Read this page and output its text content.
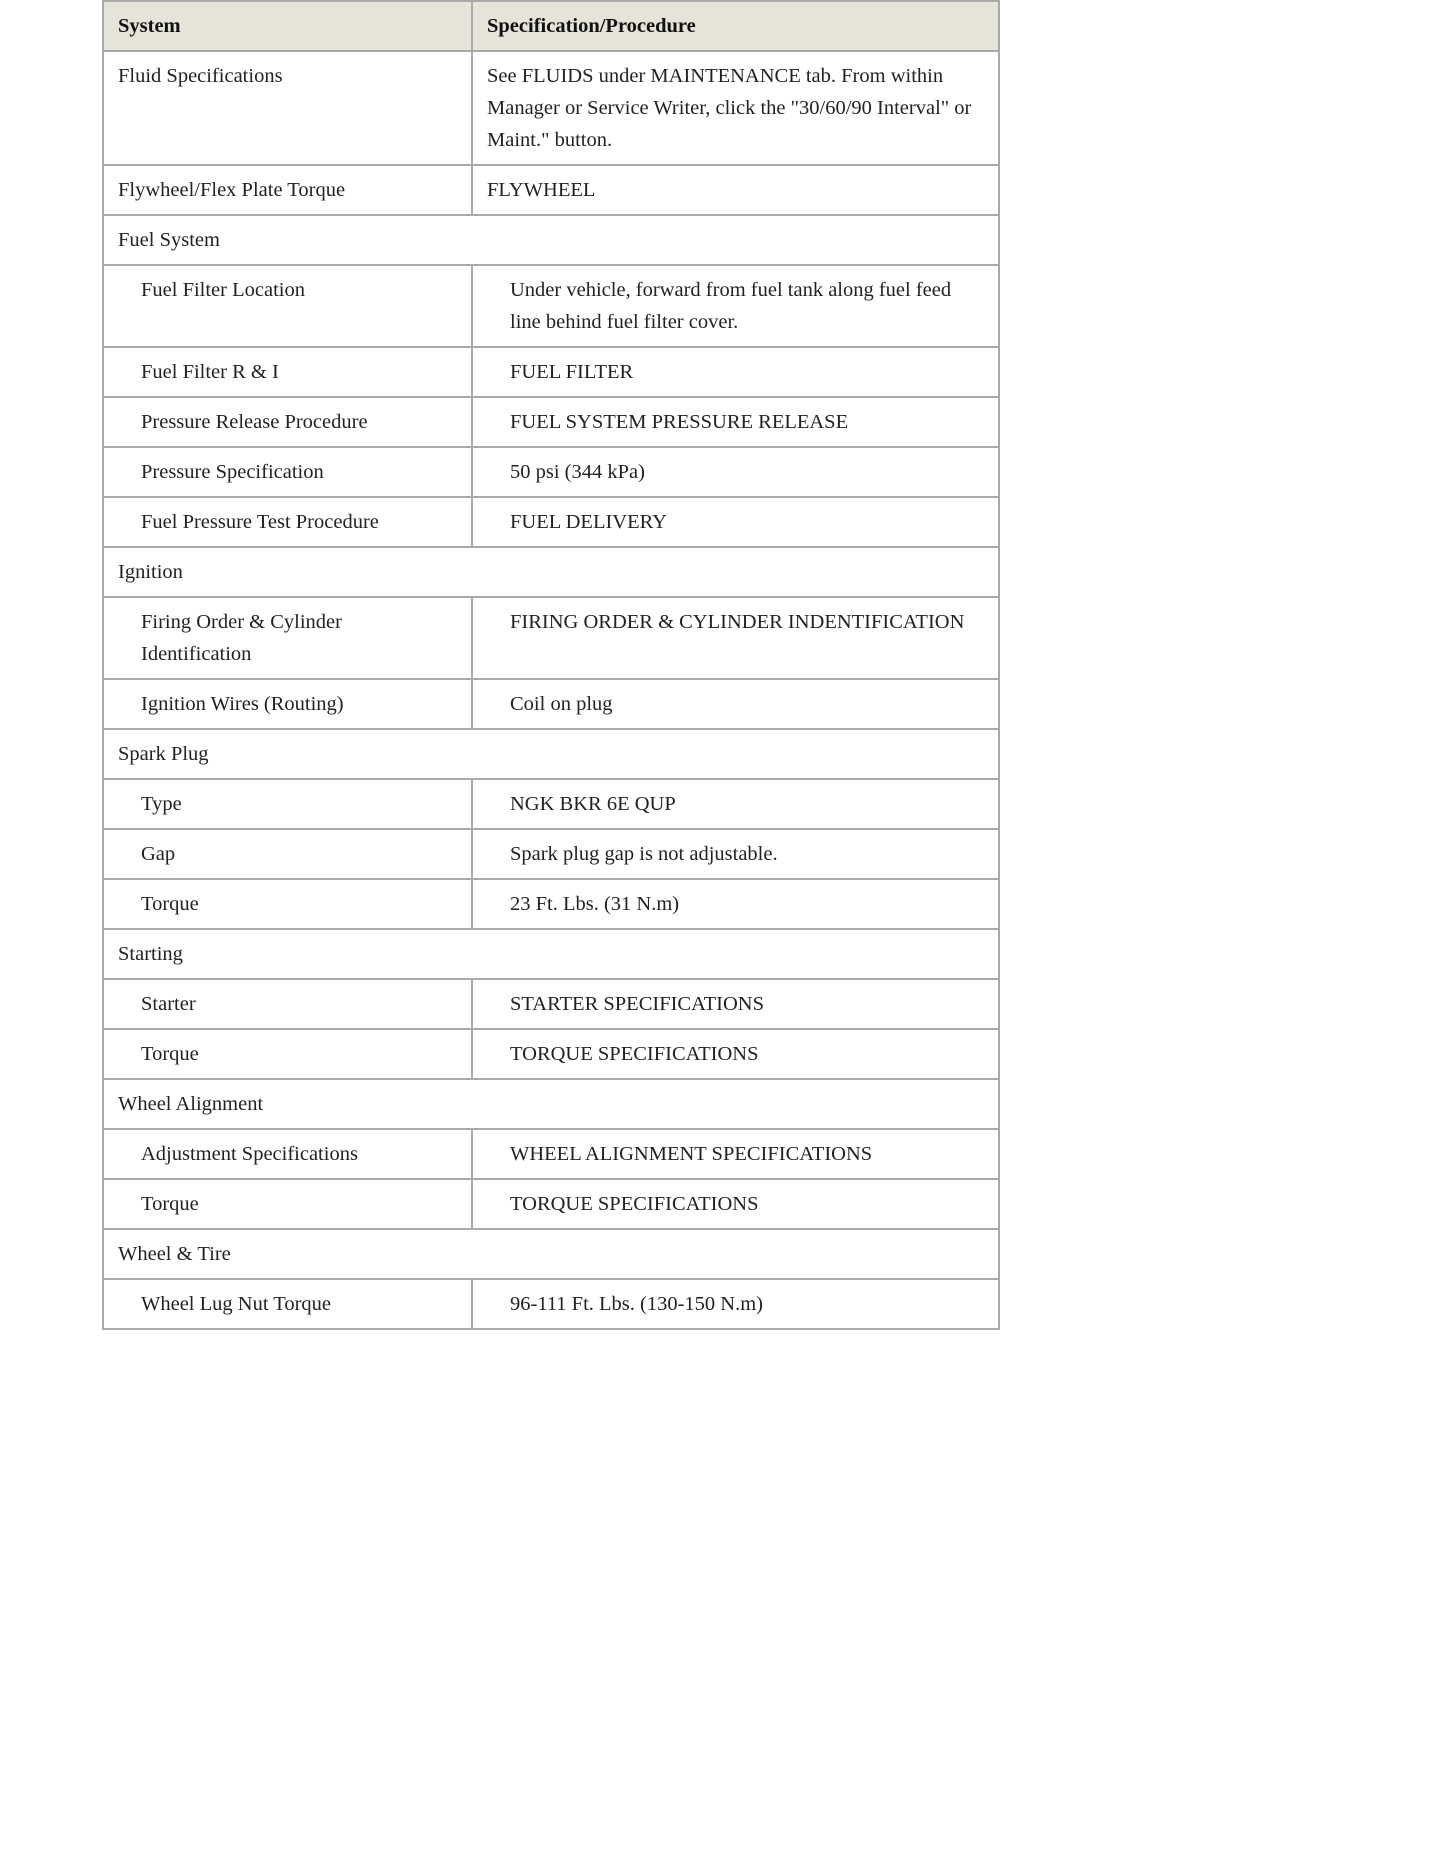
System	Specification/Procedure
Fluid Specifications	See FLUIDS under MAINTENANCE tab. From within Manager or Service Writer, click the "30/60/90 Interval" or Maint." button.
Flywheel/Flex Plate Torque	FLYWHEEL
Fuel System	
Fuel Filter Location	Under vehicle, forward from fuel tank along fuel feed line behind fuel filter cover.
Fuel Filter R & I	FUEL FILTER
Pressure Release Procedure	FUEL SYSTEM PRESSURE RELEASE
Pressure Specification	50 psi (344 kPa)
Fuel Pressure Test Procedure	FUEL DELIVERY
Ignition	
Firing Order & Cylinder Identification	FIRING ORDER & CYLINDER INDENTIFICATION
Ignition Wires (Routing)	Coil on plug
Spark Plug	
Type	NGK BKR 6E QUP
Gap	Spark plug gap is not adjustable.
Torque	23 Ft. Lbs. (31 N.m)
Starting	
Starter	STARTER SPECIFICATIONS
Torque	TORQUE SPECIFICATIONS
Wheel Alignment	
Adjustment Specifications	WHEEL ALIGNMENT SPECIFICATIONS
Torque	TORQUE SPECIFICATIONS
Wheel & Tire	
Wheel Lug Nut Torque	96-111 Ft. Lbs. (130-150 N.m)
